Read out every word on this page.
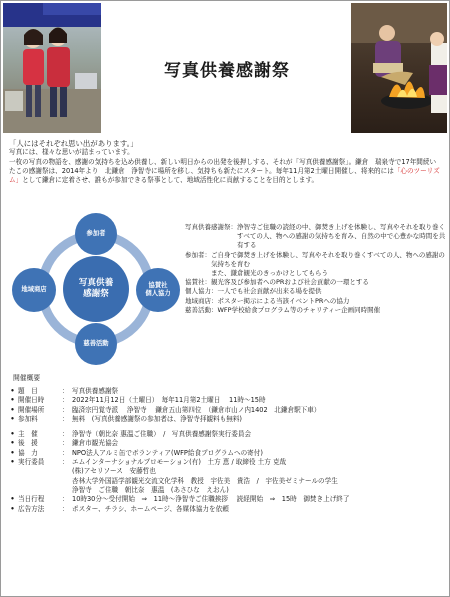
写真供養感謝祭

「人にはそれぞれ思い出があります。」

写真には、様々な思いが詰まっています。

一枚の写真の物語を、感謝の気持ちを込め供養し、新しい明日からの出発を後押しする、それが「写真供養感謝祭」。鎌倉　瑞泉寺で17年間続いたこの感謝祭は、2014年より　北鎌倉　浄智寺に場所を移し、気持ちも新たにスタート。毎年11月第2土曜日開催し、将来的には「心のツーリズム」として鎌倉に定着させ、誰もが参加できる祭事として、地域活性化に貢献することを目的とします。

写真供養
感謝祭
参加者
協賛社
個人協力
慈善活動
地域商店
写真供養感謝祭： 浄智寺ご住職の読経の中、御焚き上げを体験し、写真やそれを取り巻くすべての人、物への感謝の気持ちを育み、自然の中で心豊かな時間を共有する
参加者： ご自身で御焚き上げを体験し、写真やそれを取り巻くすべての人、物への感謝の気持ちを育む
また、鎌倉観光のきっかけとしてもらう
協賛社： 観光客及び参加者へのPRおよび社会貢献の一環とする
個人協力： 一人でも社会貢献が出来る場を提供
地域商店： ポスター掲示による当該イベントPRへの協力
慈善活動： WFP学校給食プログラム等のチャリティー企画同時開催
開催概要
• 題　目	： 写真供養感謝祭
• 開催日時	： 2022年11月12日（土曜日）　毎年11月第2土曜日　 11時～15時
• 開催場所	： 臨済宗円覚寺派　 浄智寺　 鎌倉五山第四位　（鎌倉市山ノ内1402　北鎌倉駅下車）
• 参加料	： 無料　(写真供養感謝祭の参加者は、浄智寺拝観料も無料)
• 主　催	： 浄智寺（朝比奈 惠温ご住職）　/　写真供養感謝祭実行委員会
• 後　援	： 鎌倉市観光協会
• 協　力	： NPO法人アルミ缶でボランティア(WFP給食プログラムへの寄付)
• 実行委員	： エムインターナショナルプロモーション(有)　土方 恵 / 取締役 土方 克哉
(株)アセリソース　安藤哲也
杏林大学外国語学部観光交流文化学科　教授　宇佐美　貴浩　/　宇佐美ゼミナールの学生
浄智寺　ご住職　朝比奈　惠温　(あさひな　えおん)
• 当日行程	： 10時30分～受付開始　⇒　11時～浄智寺ご住職挨拶　 読経開始　⇒　15時　御焚き上げ終了
• 広告方法	： ポスター、チラシ、ホームページ、各媒体協力を依頼
